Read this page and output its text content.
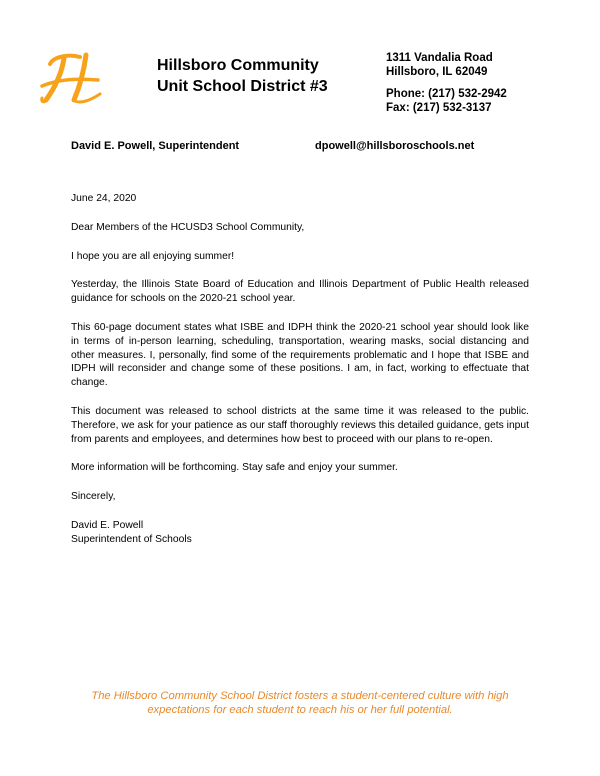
Hillsboro Community
Unit School District #3
1311 Vandalia Road
Hillsboro, IL 62049
Phone: (217) 532-2942
Fax: (217) 532-3137
David E. Powell, Superintendent	dpowell@hillsboroschools.net

June 24, 2020

Dear Members of the HCUSD3 School Community,

I hope you are all enjoying summer!

Yesterday, the Illinois State Board of Education and Illinois Department of Public Health released guidance for schools on the 2020-21 school year.

This 60-page document states what ISBE and IDPH think the 2020-21 school year should look like in terms of in-person learning, scheduling, transportation, wearing masks, social distancing and other measures. I, personally, find some of the requirements problematic and I hope that ISBE and IDPH will reconsider and change some of these positions. I am, in fact, working to effectuate that change.

This document was released to school districts at the same time it was released to the public. Therefore, we ask for your patience as our staff thoroughly reviews this detailed guidance, gets input from parents and employees, and determines how best to proceed with our plans to re-open.

More information will be forthcoming. Stay safe and enjoy your summer.

Sincerely,

David E. Powell
Superintendent of Schools
The Hillsboro Community School District fosters a student-centered culture with high
expectations for each student to reach his or her full potential.
